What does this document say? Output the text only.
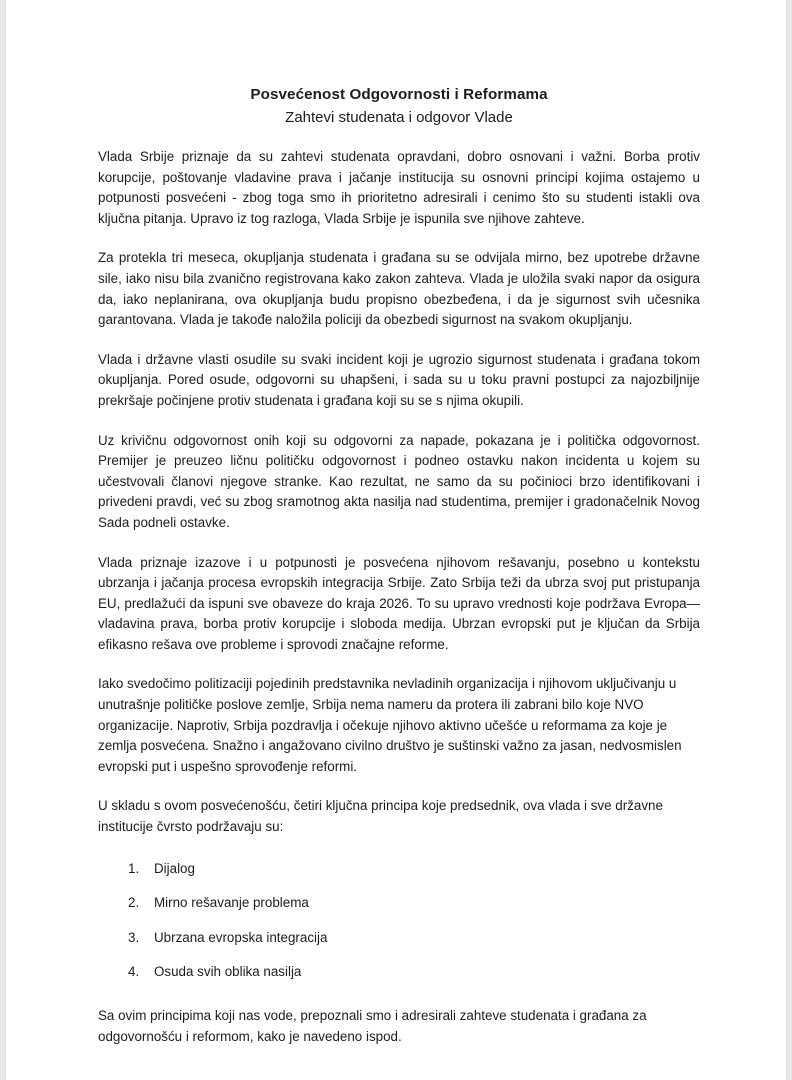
Posvećenost Odgovornosti i Reformama
Zahtevi studenata i odgovor Vlade

Vlada Srbije priznaje da su zahtevi studenata opravdani, dobro osnovani i važni. Borba protiv korupcije, poštovanje vladavine prava i jačanje institucija su osnovni principi kojima ostajemo u potpunosti posvećeni - zbog toga smo ih prioritetno adresirali i cenimo što su studenti istakli ova ključna pitanja. Upravo iz tog razloga, Vlada Srbije je ispunila sve njihove zahteve.

Za protekla tri meseca, okupljanja studenata i građana su se odvijala mirno, bez upotrebe državne sile, iako nisu bila zvanično registrovana kako zakon zahteva. Vlada je uložila svaki napor da osigura da, iako neplanirana, ova okupljanja budu propisno obezbeđena, i da je sigurnost svih učesnika garantovana. Vlada je takođe naložila policiji da obezbedi sigurnost na svakom okupljanju.

Vlada i državne vlasti osudile su svaki incident koji je ugrozio sigurnost studenata i građana tokom okupljanja. Pored osude, odgovorni su uhapšeni, i sada su u toku pravni postupci za najozbiljnije prekršaje počinjene protiv studenata i građana koji su se s njima okupili.

Uz krivičnu odgovornost onih koji su odgovorni za napade, pokazana je i politička odgovornost. Premijer je preuzeo ličnu političku odgovornost i podneo ostavku nakon incidenta u kojem su učestvovali članovi njegove stranke. Kao rezultat, ne samo da su počinioci brzo identifikovani i privedeni pravdi, već su zbog sramotnog akta nasilja nad studentima, premijer i gradonačelnik Novog Sada podneli ostavke.

Vlada priznaje izazove i u potpunosti je posvećena njihovom rešavanju, posebno u kontekstu ubrzanja i jačanja procesa evropskih integracija Srbije. Zato Srbija teži da ubrza svoj put pristupanja EU, predlažući da ispuni sve obaveze do kraja 2026. To su upravo vrednosti koje podržava Evropa—vladavina prava, borba protiv korupcije i sloboda medija. Ubrzan evropski put je ključan da Srbija efikasno rešava ove probleme i sprovodi značajne reforme.

Iako svedočimo politizaciji pojedinih predstavnika nevladinih organizacija i njihovom uključivanju u unutrašnje političke poslove zemlje, Srbija nema nameru da protera ili zabrani bilo koje NVO organizacije. Naprotiv, Srbija pozdravlja i očekuje njihovo aktivno učešće u reformama za koje je zemlja posvećena. Snažno i angažovano civilno društvo je suštinski važno za jasan, nedvosmislen evropski put i uspešno sprovođenje reformi.

U skladu s ovom posvećenošću, četiri ključna principa koje predsednik, ova vlada i sve državne institucije čvrsto podržavaju su:

Dijalog
Mirno rešavanje problema
Ubrzana evropska integracija
Osuda svih oblika nasilja

Sa ovim principima koji nas vode, prepoznali smo i adresirali zahteve studenata i građana za odgovornošću i reformom, kako je navedeno ispod.
